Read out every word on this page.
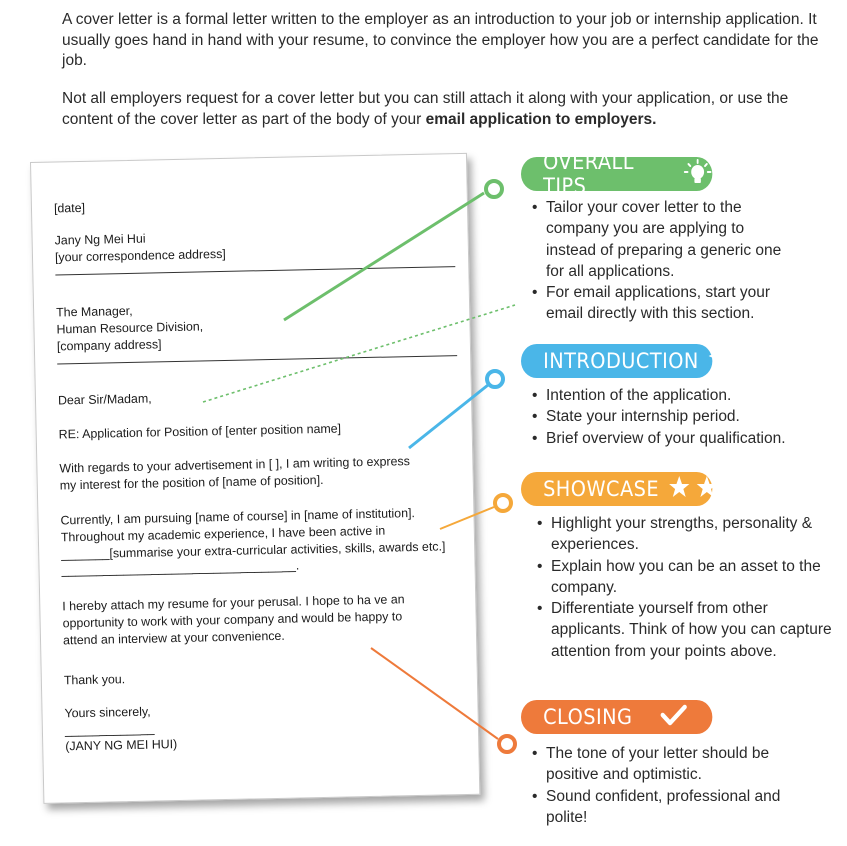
A cover letter is a formal letter written to the employer as an introduction to your job or internship application. It usually goes hand in hand with your resume, to convince the employer how you are a perfect candidate for the job.

Not all employers request for a cover letter but you can still attach it along with your application, or use the content of the cover letter as part of the body of your email application to employers.

[date]
Jany Ng Mei Hui
[your correspondence address]
The Manager,
Human Resource Division,
[company address]
Dear Sir/Madam,
RE: Application for Position of [enter position name]
With regards to your advertisement in [ ], I am writing to express
my interest for the position of [name of position].
Currently, I am pursuing [name of course] in [name of institution].
Throughout my academic experience, I have been active in
_______[summarise your extra-curricular activities, skills, awards etc.]
__________________________________.
I hereby attach my resume for your perusal. I hope to ha ve an
opportunity to work with your company and would be happy to
attend an interview at your convenience.
Thank you.
Yours sincerely,
_____________
(JANY NG MEI HUI)
OVERALL TIPS
• Tailor your cover letter to the company you are applying to instead of preparing a generic one for all applications.
• For email applications, start your email directly with this section.
INTRODUCTION
• Intention of the application.
• State your internship period.
• Brief overview of your qualification.
SHOWCASE
• Highlight your strengths, personality & experiences.
• Explain how you can be an asset to the company.
• Differentiate yourself from other applicants. Think of how you can capture attention from your points above.
CLOSING
• The tone of your letter should be positive and optimistic.
• Sound confident, professional and polite!
